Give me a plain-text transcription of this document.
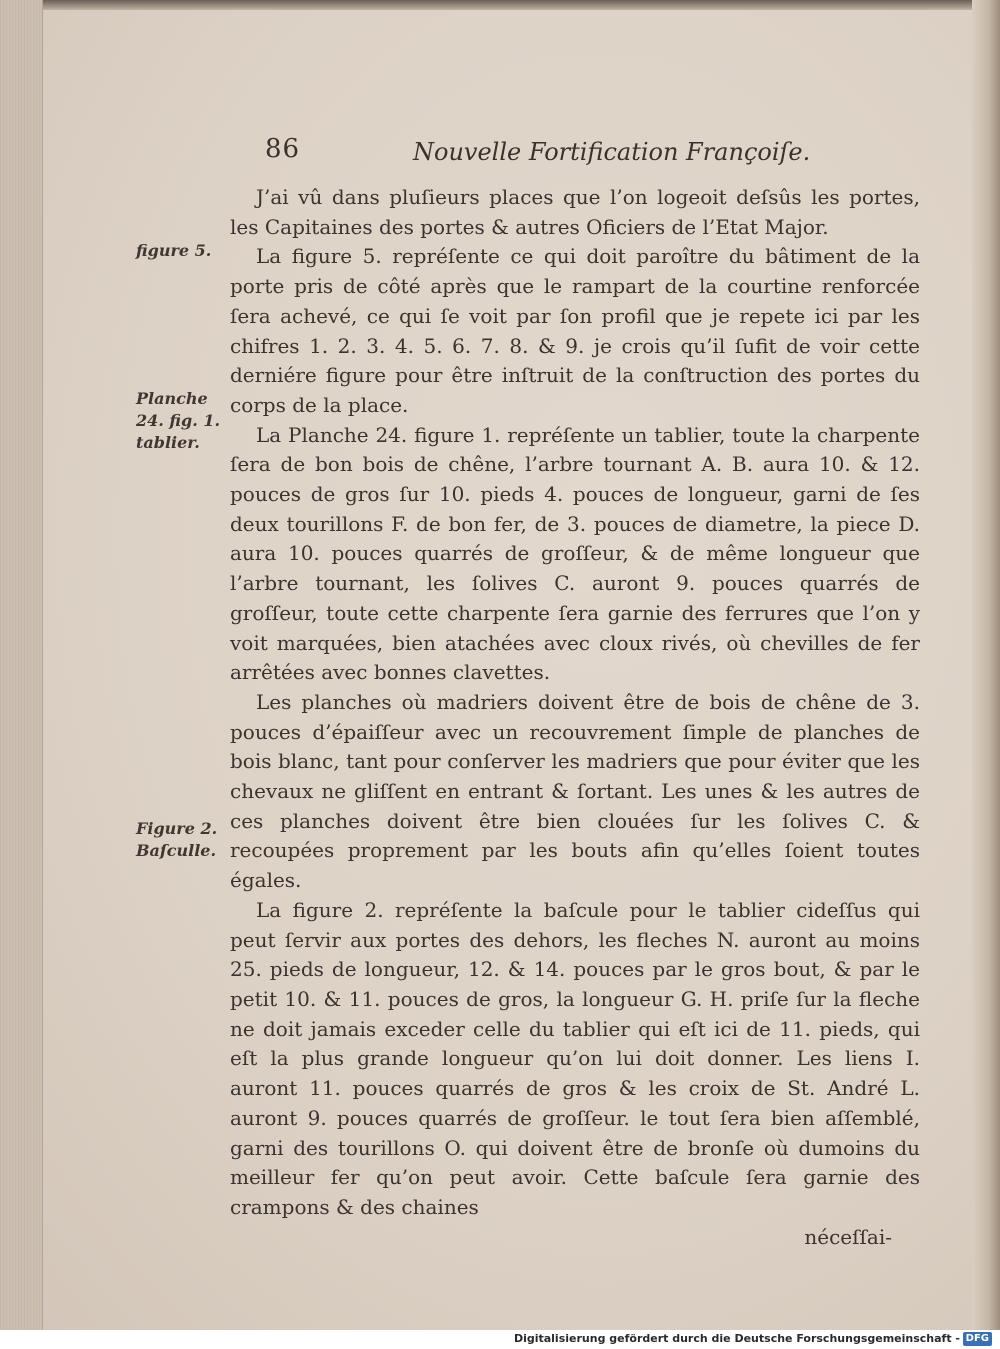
86	Nouvelle Fortification Françoiſe.
figure 5.
Planche
24. fig. 1.
tablier.
Figure 2.
Baſculle.

J’ai vû dans pluſieurs places que l’on logeoit deſsûs les portes, les Capitaines des portes & autres Oficiers de l’Etat Major.

La figure 5. repréſente ce qui doit paroître du bâtiment de la porte pris de côté après que le rampart de la courtine renforcée ſera achevé, ce qui ſe voit par ſon profil que je repete ici par les chifres 1. 2. 3. 4. 5. 6. 7. 8. & 9. je crois qu’il ſufit de voir cette derniére figure pour être inſtruit de la conſtruction des portes du corps de la place.

La Planche 24. figure 1. repréſente un tablier, toute la charpente ſera de bon bois de chêne, l’arbre tournant A. B. aura 10. & 12. pouces de gros ſur 10. pieds 4. pouces de longueur, garni de ſes deux tourillons F. de bon fer, de 3. pouces de diametre, la piece D. aura 10. pouces quarrés de groſſeur, & de même longueur que l’arbre tournant, les ſolives C. auront 9. pouces quarrés de groſſeur, toute cette charpente ſera garnie des ferrures que l’on y voit marquées, bien atachées avec cloux rivés, où chevilles de fer arrêtées avec bonnes clavettes.

Les planches où madriers doivent être de bois de chêne de 3. pouces d’épaiſſeur avec un recouvrement ſimple de planches de bois blanc, tant pour conſerver les madriers que pour éviter que les chevaux ne gliſſent en entrant & ſortant. Les unes & les autres de ces planches doivent être bien clouées ſur les ſolives C. & recoupées proprement par les bouts afin qu’elles ſoient toutes égales.

La figure 2. repréſente la baſcule pour le tablier cideſſus qui peut ſervir aux portes des dehors, les fleches N. auront au moins 25. pieds de longueur, 12. & 14. pouces par le gros bout, & par le petit 10. & 11. pouces de gros, la longueur G. H. priſe ſur la fleche ne doit jamais exceder celle du tablier qui eſt ici de 11. pieds, qui eſt la plus grande longueur qu’on lui doit donner. Les liens I. auront 11. pouces quarrés de gros & les croix de St. André L. auront 9. pouces quarrés de groſſeur. le tout ſera bien aſſemblé, garni des tourillons O. qui doivent être de bronſe où dumoins du meilleur fer qu’on peut avoir. Cette baſcule ſera garnie des crampons & des chaines

néceſſai-

Digitalisierung gefördert durch die Deutsche Forschungsgemeinschaft - DFG
